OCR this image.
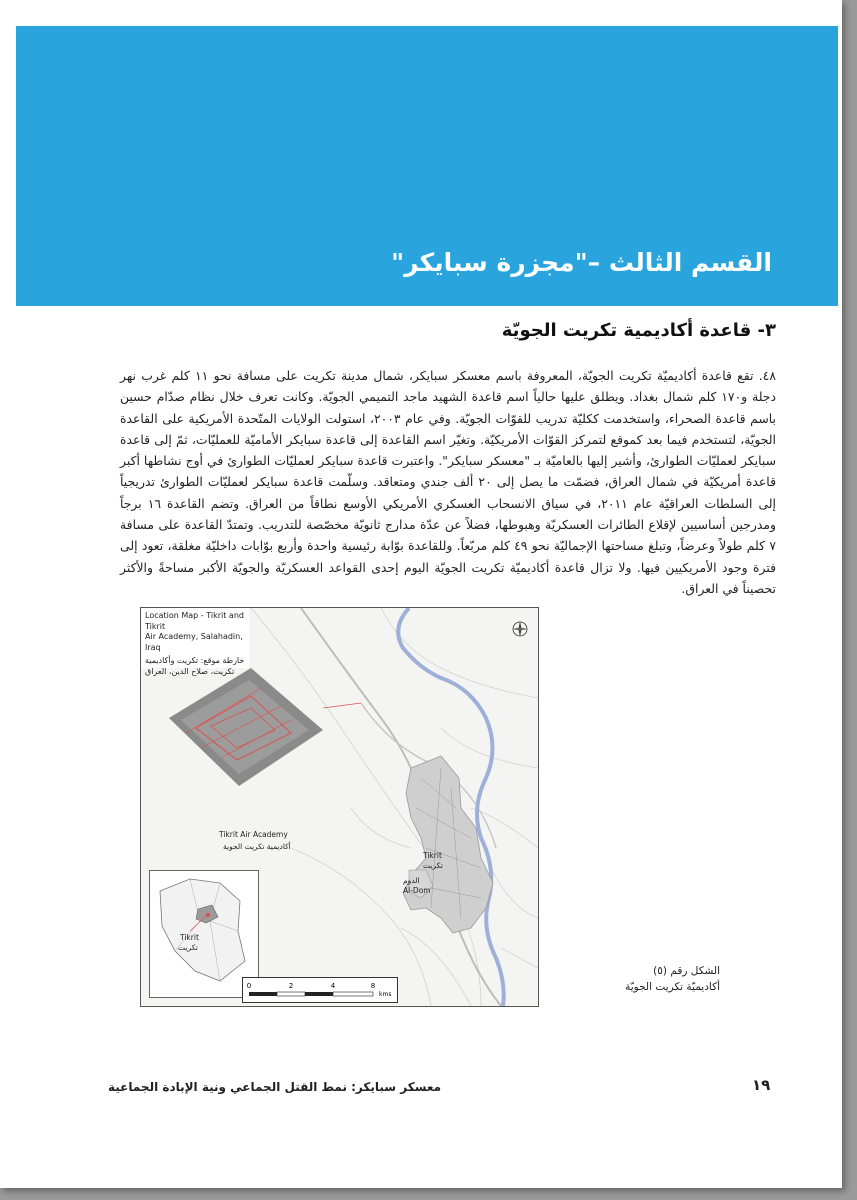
القسم الثالث –"مجزرة سبايكر"
٣- قاعدة أكاديمية تكريت الجويّة
٤٨. تقع قاعدة أكاديميّة تكريت الجويّة، المعروفة باسم معسكر سبايكر، شمال مدينة تكريت على مسافة نحو ١١ كلم غرب نهر دجلة و١٧٠ كلم شمال بغداد. ويطلق عليها حالياً اسم قاعدة الشهيد ماجد التميمي الجويّة. وكانت تعرف خلال نظام صدّام حسين باسم قاعدة الصحراء، واستخدمت ككليّة تدريب للقوّات الجويّة. وفي عام ٢٠٠٣، استولت الولايات المتّحدة الأمريكية على القاعدة الجويّة، لتستخدم فيما بعد كموقع لتمركز القوّات الأمريكيّة. وتغيّر اسم القاعدة إلى قاعدة سبايكر الأماميّة للعمليّات، ثمّ إلى قاعدة سبايكر لعمليّات الطوارئ، وأشير إليها بالعاميّة بـ "معسكر سبايكر". واعتبرت قاعدة سبايكر لعمليّات الطوارئ في أوج نشاطها أكبر قاعدة أمريكيّة في شمال العراق، فضمّت ما يصل إلى ٢٠ ألف جندي ومتعاقد. وسلّمت قاعدة سبايكر لعمليّات الطوارئ تدريجياً إلى السلطات العراقيّة عام ٢٠١١، في سياق الانسحاب العسكري الأمريكي الأوسع نطاقاً من العراق. وتضم القاعدة ١٦ برجاً ومدرجين أساسيين لإقلاع الطائرات العسكريّة وهبوطها، فضلاً عن عدّة مدارج ثانويّة مخصّصة للتدريب. وتمتدّ القاعدة على مسافة ٧ كلم طولاً وعرضاً، وتبلغ مساحتها الإجماليّة نحو ٤٩ كلم مربّعاً. وللقاعدة بوّابة رئيسية واحدة وأربع بوّابات داخليّة مغلقة، تعود إلى فترة وجود الأمريكيين فيها. ولا تزال قاعدة أكاديميّة تكريت الجويّة اليوم إحدى القواعد العسكريّة والجويّة الأكبر مساحةً والأكثر تحصيناً في العراق.
Location Map - Tikrit and Tikrit
Air Academy, Salahadin, Iraq
خارطة موقع: تكريت وأكاديمية
تكريت، صلاح الدين، العراق
Tikrit Air Academy
أكاديمية تكريت الجوية
Tikrit
تكريت
الدوم
Al-Dom
Tikrit
تكريت
0	2	4	8
kms
الشكل رقم (٥)
أكاديميّة تكريت الجويّة
معسكر سبايكر: نمط القتل الجماعي ونية الإبادة الجماعية	١٩
